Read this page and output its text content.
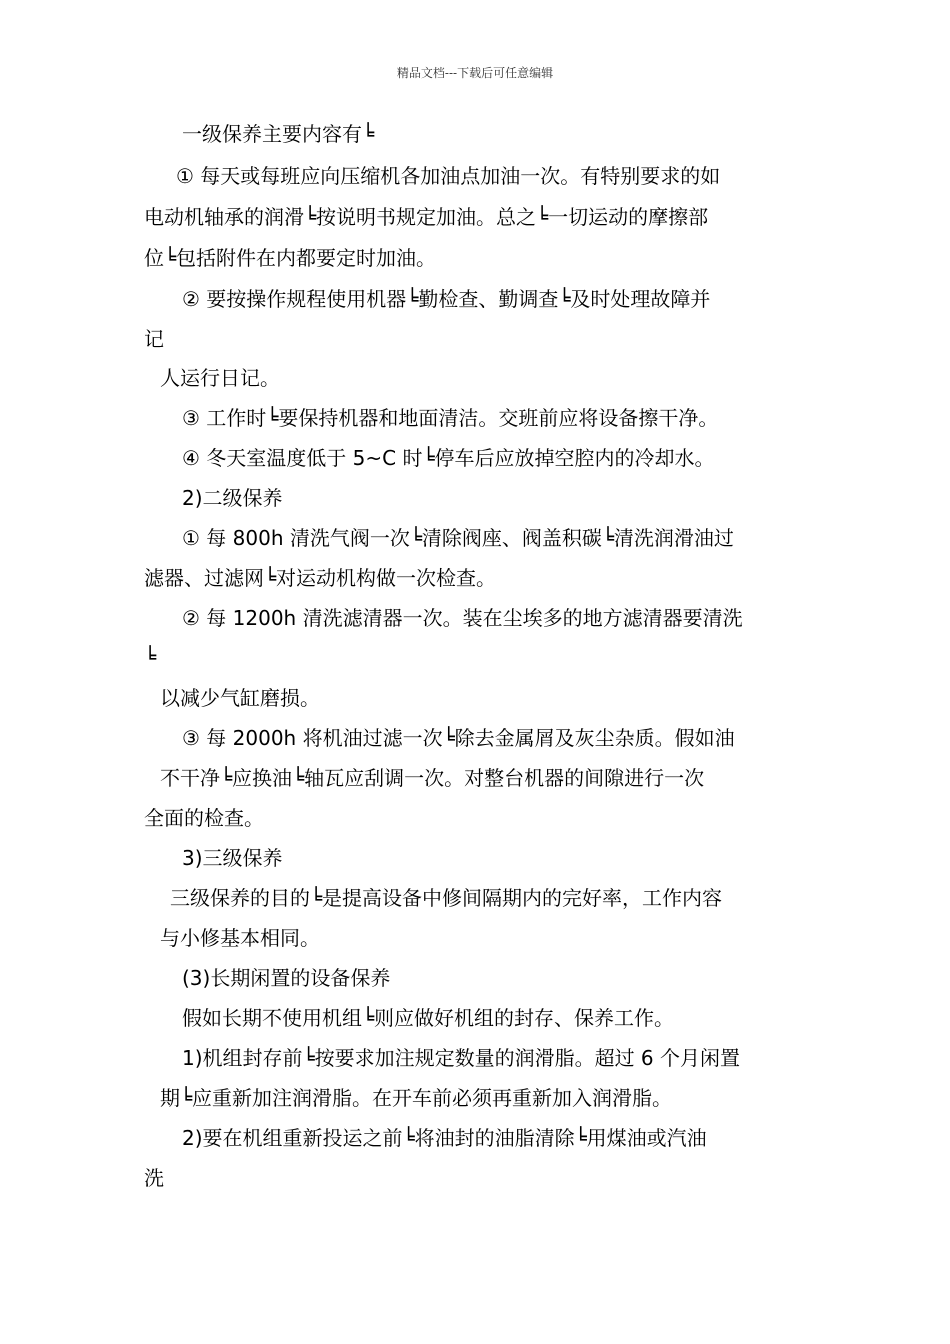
精品文档---下载后可任意编辑
一级保养主要内容有╘
① 每天或每班应向压缩机各加油点加油一次。有特别要求的如
电动机轴承的润滑╘按说明书规定加油。总之╘一切运动的摩擦部
位╘包括附件在内都要定时加油。
② 要按操作规程使用机器╘勤检查、勤调查╘及时处理故障并
记
人运行日记。
③ 工作时╘要保持机器和地面清洁。交班前应将设备擦干净。
④ 冬天室温度低于 5~C 时╘停车后应放掉空腔内的冷却水。
2)二级保养
① 每 800h 清洗气阀一次╘清除阀座、阀盖积碳╘清洗润滑油过
滤器、过滤网╘对运动机构做一次检查。
② 每 1200h 清洗滤清器一次。装在尘埃多的地方滤清器要清洗
╘
以减少气缸磨损。
③ 每 2000h 将机油过滤一次╘除去金属屑及灰尘杂质。假如油
不干净╘应换油╘轴瓦应刮调一次。对整台机器的间隙进行一次
全面的检查。
3)三级保养
三级保养的目的╘是提高设备中修间隔期内的完好率，工作内容
与小修基本相同。
(3)长期闲置的设备保养
假如长期不使用机组╘则应做好机组的封存、保养工作。
1)机组封存前╘按要求加注规定数量的润滑脂。超过 6 个月闲置
期╘应重新加注润滑脂。在开车前必须再重新加入润滑脂。
2)要在机组重新投运之前╘将油封的油脂清除╘用煤油或汽油
洗
